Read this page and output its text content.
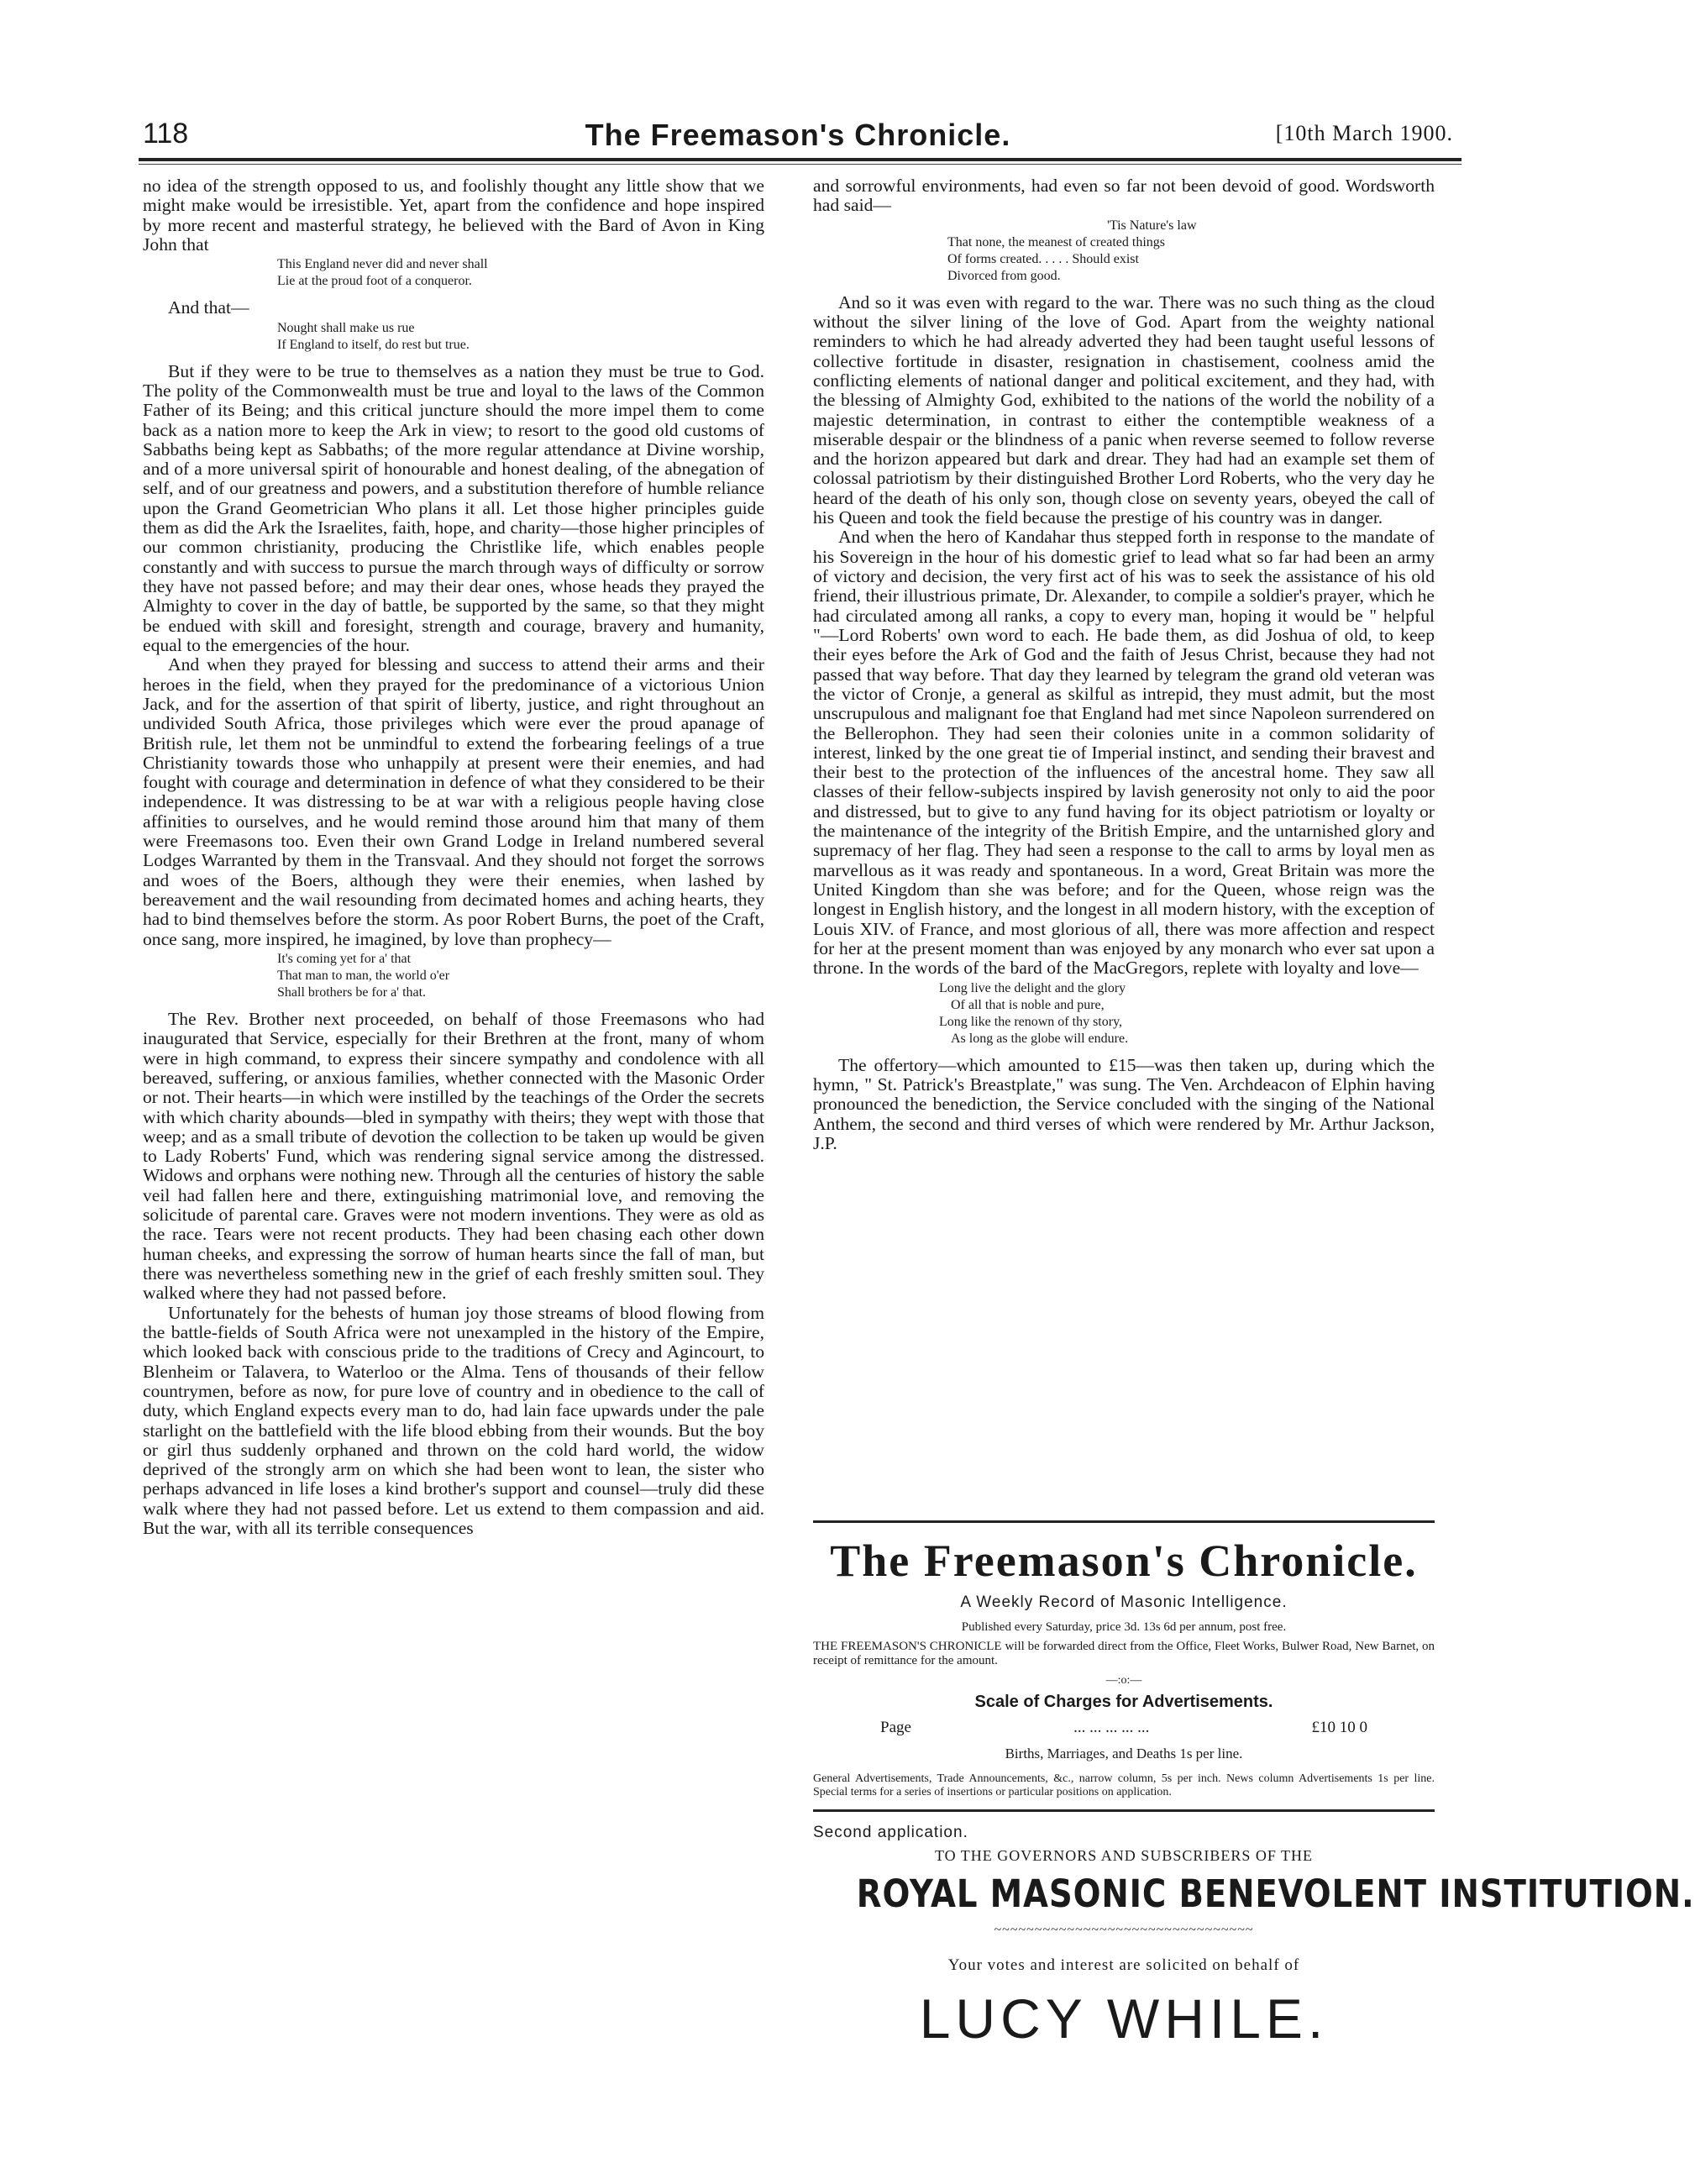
118	The Freemason's Chronicle.	[10th March 1900.

no idea of the strength opposed to us, and foolishly thought any little show that we might make would be irresistible. Yet, apart from the confidence and hope inspired by more recent and masterful strategy, he believed with the Bard of Avon in King John that

This England never did and never shall
Lie at the proud foot of a conqueror.

And that—

Nought shall make us rue
If England to itself, do rest but true.

But if they were to be true to themselves as a nation they must be true to God. The polity of the Commonwealth must be true and loyal to the laws of the Common Father of its Being; and this critical juncture should the more impel them to come back as a nation more to keep the Ark in view; to resort to the good old customs of Sabbaths being kept as Sabbaths; of the more regular attendance at Divine worship, and of a more universal spirit of honourable and honest dealing, of the abnegation of self, and of our greatness and powers, and a substitution therefore of humble reliance upon the Grand Geometrician Who plans it all. Let those higher principles guide them as did the Ark the Israelites, faith, hope, and charity—those higher principles of our common christianity, producing the Christlike life, which enables people constantly and with success to pursue the march through ways of difficulty or sorrow they have not passed before; and may their dear ones, whose heads they prayed the Almighty to cover in the day of battle, be supported by the same, so that they might be endued with skill and foresight, strength and courage, bravery and humanity, equal to the emergencies of the hour.

And when they prayed for blessing and success to attend their arms and their heroes in the field, when they prayed for the predominance of a victorious Union Jack, and for the assertion of that spirit of liberty, justice, and right throughout an undivided South Africa, those privileges which were ever the proud apanage of British rule, let them not be unmindful to extend the forbearing feelings of a true Christianity towards those who unhappily at present were their enemies, and had fought with courage and determination in defence of what they considered to be their independence. It was distressing to be at war with a religious people having close affinities to ourselves, and he would remind those around him that many of them were Freemasons too. Even their own Grand Lodge in Ireland numbered several Lodges Warranted by them in the Transvaal. And they should not forget the sorrows and woes of the Boers, although they were their enemies, when lashed by bereavement and the wail resounding from decimated homes and aching hearts, they had to bind themselves before the storm. As poor Robert Burns, the poet of the Craft, once sang, more inspired, he imagined, by love than prophecy—

It's coming yet for a' that
That man to man, the world o'er
Shall brothers be for a' that.

The Rev. Brother next proceeded, on behalf of those Freemasons who had inaugurated that Service, especially for their Brethren at the front, many of whom were in high command, to express their sincere sympathy and condolence with all bereaved, suffering, or anxious families, whether connected with the Masonic Order or not. Their hearts—in which were instilled by the teachings of the Order the secrets with which charity abounds—bled in sympathy with theirs; they wept with those that weep; and as a small tribute of devotion the collection to be taken up would be given to Lady Roberts' Fund, which was rendering signal service among the distressed. Widows and orphans were nothing new. Through all the centuries of history the sable veil had fallen here and there, extinguishing matrimonial love, and removing the solicitude of parental care. Graves were not modern inventions. They were as old as the race. Tears were not recent products. They had been chasing each other down human cheeks, and expressing the sorrow of human hearts since the fall of man, but there was nevertheless something new in the grief of each freshly smitten soul. They walked where they had not passed before.

Unfortunately for the behests of human joy those streams of blood flowing from the battle-fields of South Africa were not unexampled in the history of the Empire, which looked back with conscious pride to the traditions of Crecy and Agincourt, to Blenheim or Talavera, to Waterloo or the Alma. Tens of thousands of their fellow countrymen, before as now, for pure love of country and in obedience to the call of duty, which England expects every man to do, had lain face upwards under the pale starlight on the battlefield with the life blood ebbing from their wounds. But the boy or girl thus suddenly orphaned and thrown on the cold hard world, the widow deprived of the strongly arm on which she had been wont to lean, the sister who perhaps advanced in life loses a kind brother's support and counsel—truly did these walk where they had not passed before. Let us extend to them compassion and aid. But the war, with all its terrible consequences

and sorrowful environments, had even so far not been devoid of good. Wordsworth had said—

'Tis Nature's law
That none, the meanest of created things
Of forms created. . . . . Should exist
Divorced from good.

And so it was even with regard to the war. There was no such thing as the cloud without the silver lining of the love of God. Apart from the weighty national reminders to which he had already adverted they had been taught useful lessons of collective fortitude in disaster, resignation in chastisement, coolness amid the conflicting elements of national danger and political excitement, and they had, with the blessing of Almighty God, exhibited to the nations of the world the nobility of a majestic determination, in contrast to either the contemptible weakness of a miserable despair or the blindness of a panic when reverse seemed to follow reverse and the horizon appeared but dark and drear. They had had an example set them of colossal patriotism by their distinguished Brother Lord Roberts, who the very day he heard of the death of his only son, though close on seventy years, obeyed the call of his Queen and took the field because the prestige of his country was in danger.

And when the hero of Kandahar thus stepped forth in response to the mandate of his Sovereign in the hour of his domestic grief to lead what so far had been an army of victory and decision, the very first act of his was to seek the assistance of his old friend, their illustrious primate, Dr. Alexander, to compile a soldier's prayer, which he had circulated among all ranks, a copy to every man, hoping it would be " helpful "—Lord Roberts' own word to each. He bade them, as did Joshua of old, to keep their eyes before the Ark of God and the faith of Jesus Christ, because they had not passed that way before. That day they learned by telegram the grand old veteran was the victor of Cronje, a general as skilful as intrepid, they must admit, but the most unscrupulous and malignant foe that England had met since Napoleon surrendered on the Bellerophon. They had seen their colonies unite in a common solidarity of interest, linked by the one great tie of Imperial instinct, and sending their bravest and their best to the protection of the influences of the ancestral home. They saw all classes of their fellow-subjects inspired by lavish generosity not only to aid the poor and distressed, but to give to any fund having for its object patriotism or loyalty or the maintenance of the integrity of the British Empire, and the untarnished glory and supremacy of her flag. They had seen a response to the call to arms by loyal men as marvellous as it was ready and spontaneous. In a word, Great Britain was more the United Kingdom than she was before; and for the Queen, whose reign was the longest in English history, and the longest in all modern history, with the exception of Louis XIV. of France, and most glorious of all, there was more affection and respect for her at the present moment than was enjoyed by any monarch who ever sat upon a throne. In the words of the bard of the MacGregors, replete with loyalty and love—

Long live the delight and the glory
Of all that is noble and pure,
Long like the renown of thy story,
As long as the globe will endure.

The offertory—which amounted to £15—was then taken up, during which the hymn, " St. Patrick's Breastplate," was sung. The Ven. Archdeacon of Elphin having pronounced the benediction, the Service concluded with the singing of the National Anthem, the second and third verses of which were rendered by Mr. Arthur Jackson, J.P.

The Freemason's Chronicle.
A Weekly Record of Masonic Intelligence.
Published every Saturday, price 3d. 13s 6d per annum, post free.
THE FREEMASON'S CHRONICLE will be forwarded direct from the Office, Fleet Works, Bulwer Road, New Barnet, on receipt of remittance for the amount.
—:o:—
Scale of Charges for Advertisements.
Page	... ... ... ... ...	£10 10 0
Births, Marriages, and Deaths 1s per line.
General Advertisements, Trade Announcements, &c., narrow column, 5s per inch. News column Advertisements 1s per line. Special terms for a series of insertions or particular positions on application.
Second application.
TO THE GOVERNORS AND SUBSCRIBERS OF THE
ROYAL MASONIC BENEVOLENT INSTITUTION.
~~~~~~~~~~~~~~~~~~~~~~~~~~~~~~~~
Your votes and interest are solicited on behalf of
LUCY WHILE.
